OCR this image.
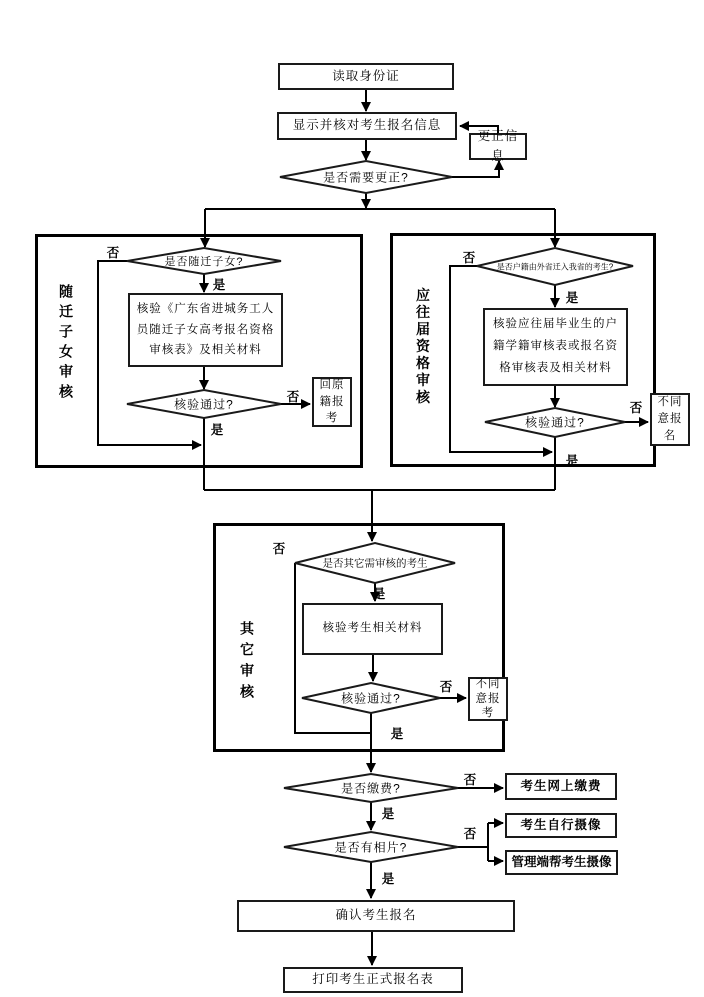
读取身份证
显示并核对考生报名信息
更正信息
核验《广东省进城务工人员随迁子女高考报名资格审核表》及相关材料
回原籍报考
核验应往届毕业生的户籍学籍审核表或报名资格审核表及相关材料
不同意报名
核验考生相关材料
不同意报考
考生网上缴费
考生自行摄像
管理端帮考生摄像
确认考生报名
打印考生正式报名表
是否需要更正?
是否随迁子女?
核验通过?
是否户籍由外省迁入我省的考生?
核验通过?
是否其它需审核的考生
核验通过?
是否缴费?
是否有相片?
随迁子女审核	应往届资格审核
其它审核
否
是
否
是
否
是
否
是
否
是
否
是
否
是
否
是
